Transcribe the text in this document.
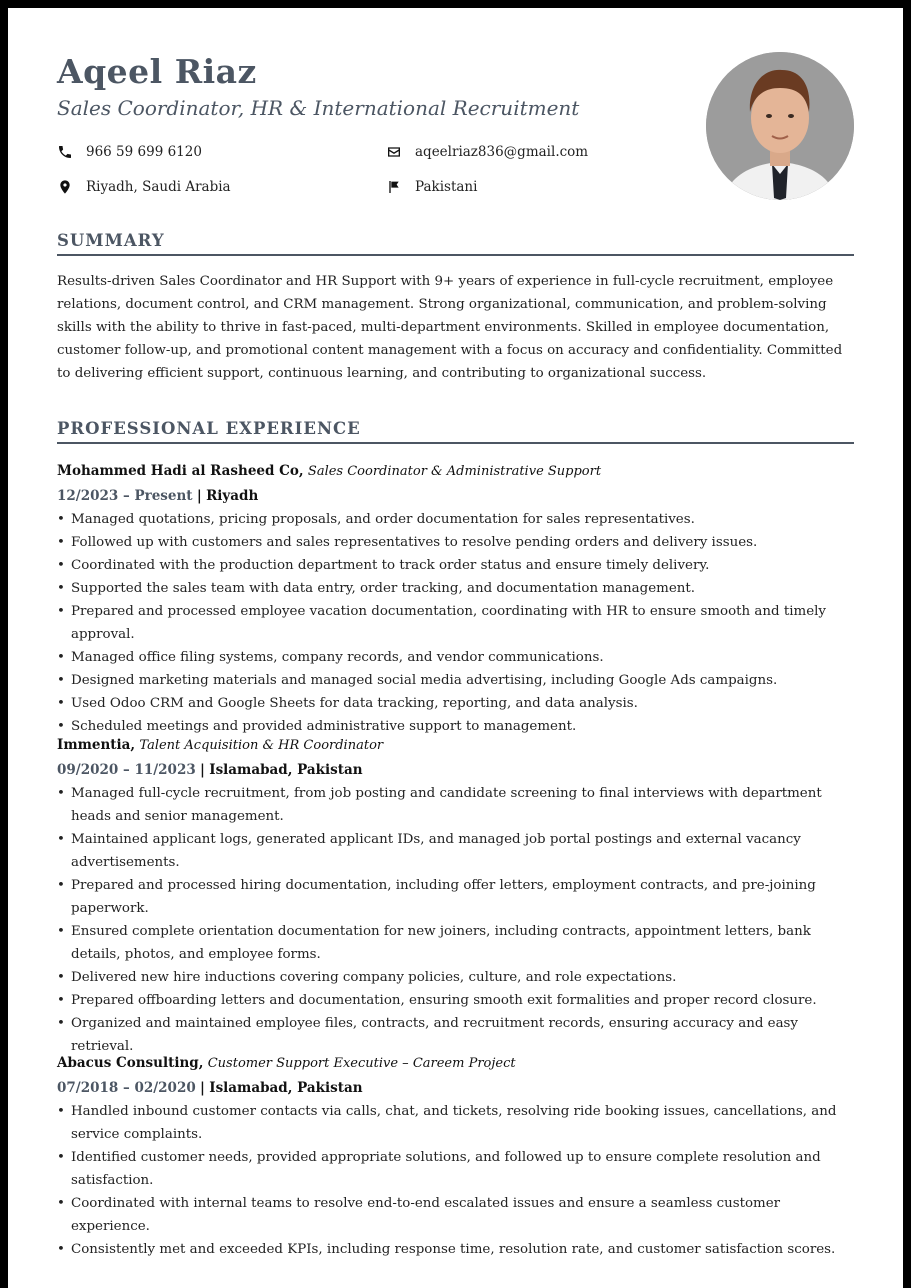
Aqeel Riaz
Sales Coordinator, HR & International Recruitment
966 59 699 6120	aqeelriaz836@gmail.com
Riyadh, Saudi Arabia	Pakistani
SUMMARY

Results-driven Sales Coordinator and HR Support with 9+ years of experience in full-cycle recruitment, employee relations, document control, and CRM management. Strong organizational, communication, and problem-solving skills with the ability to thrive in fast-paced, multi-department environments. Skilled in employee documentation, customer follow-up, and promotional content management with a focus on accuracy and confidentiality. Committed to delivering efficient support, continuous learning, and contributing to organizational success.

PROFESSIONAL EXPERIENCE
Mohammed Hadi al Rasheed Co, Sales Coordinator & Administrative Support
12/2023 – Present | Riyadh
• Managed quotations, pricing proposals, and order documentation for sales representatives.
• Followed up with customers and sales representatives to resolve pending orders and delivery issues.
• Coordinated with the production department to track order status and ensure timely delivery.
• Supported the sales team with data entry, order tracking, and documentation management.
• Prepared and processed employee vacation documentation, coordinating with HR to ensure smooth and timely approval.
• Managed office filing systems, company records, and vendor communications.
• Designed marketing materials and managed social media advertising, including Google Ads campaigns.
• Used Odoo CRM and Google Sheets for data tracking, reporting, and data analysis.
• Scheduled meetings and provided administrative support to management.
Immentia, Talent Acquisition & HR Coordinator
09/2020 – 11/2023 | Islamabad, Pakistan
• Managed full-cycle recruitment, from job posting and candidate screening to final interviews with department heads and senior management.
• Maintained applicant logs, generated applicant IDs, and managed job portal postings and external vacancy advertisements.
• Prepared and processed hiring documentation, including offer letters, employment contracts, and pre-joining paperwork.
• Ensured complete orientation documentation for new joiners, including contracts, appointment letters, bank details, photos, and employee forms.
• Delivered new hire inductions covering company policies, culture, and role expectations.
• Prepared offboarding letters and documentation, ensuring smooth exit formalities and proper record closure.
• Organized and maintained employee files, contracts, and recruitment records, ensuring accuracy and easy retrieval.
Abacus Consulting, Customer Support Executive – Careem Project
07/2018 – 02/2020 | Islamabad, Pakistan
• Handled inbound customer contacts via calls, chat, and tickets, resolving ride booking issues, cancellations, and service complaints.
• Identified customer needs, provided appropriate solutions, and followed up to ensure complete resolution and satisfaction.
• Coordinated with internal teams to resolve end-to-end escalated issues and ensure a seamless customer experience.
• Consistently met and exceeded KPIs, including response time, resolution rate, and customer satisfaction scores.
